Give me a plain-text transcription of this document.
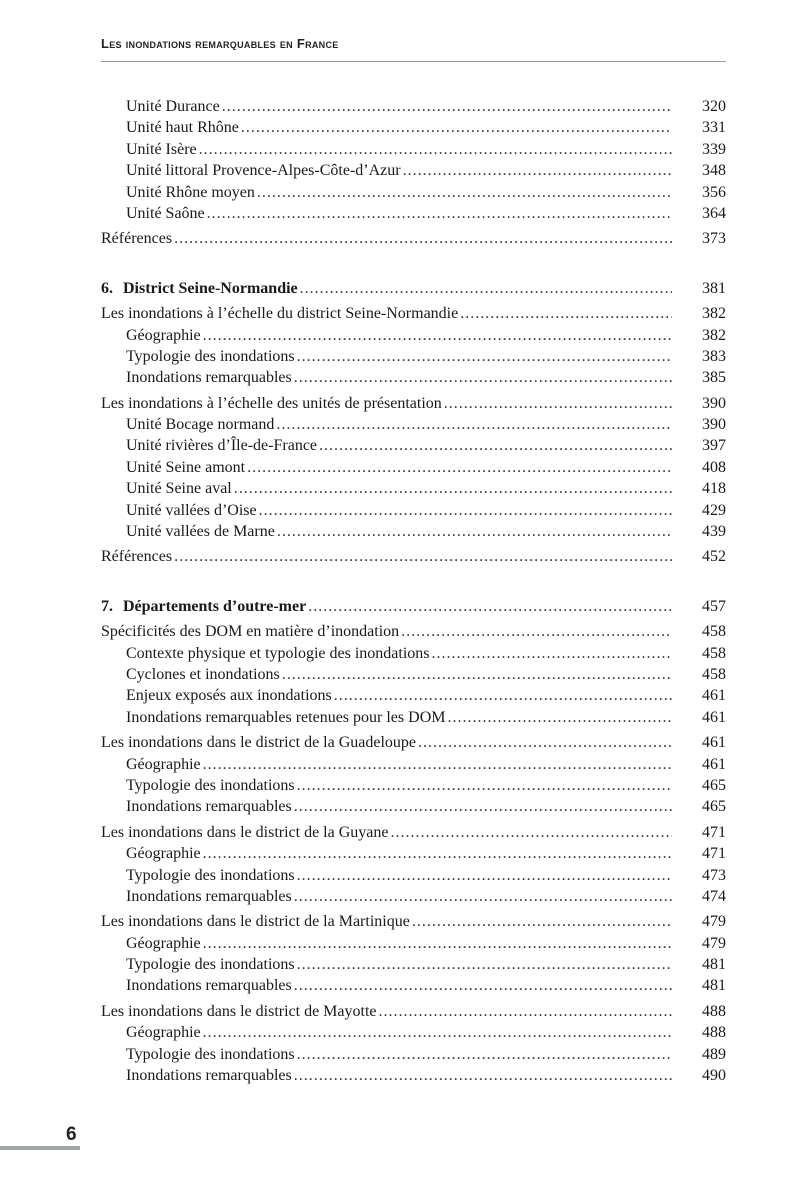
Les inondations remarquables en France
Unité Durance .....	320
Unité haut Rhône .....	331
Unité Isère .....	339
Unité littoral Provence-Alpes-Côte-d’Azur .....	348
Unité Rhône moyen .....	356
Unité Saône .....	364
Références .....	373
6. District Seine-Normandie .....	381
Les inondations à l’échelle du district Seine-Normandie .....	382
Géographie .....	382
Typologie des inondations .....	383
Inondations remarquables .....	385
Les inondations à l’échelle des unités de présentation .....	390
Unité Bocage normand .....	390
Unité rivières d’Île-de-France .....	397
Unité Seine amont .....	408
Unité Seine aval .....	418
Unité vallées d’Oise .....	429
Unité vallées de Marne .....	439
Références .....	452
7. Départements d’outre-mer .....	457
Spécificités des DOM en matière d’inondation .....	458
Contexte physique et typologie des inondations .....	458
Cyclones et inondations .....	458
Enjeux exposés aux inondations .....	461
Inondations remarquables retenues pour les DOM .....	461
Les inondations dans le district de la Guadeloupe .....	461
Géographie .....	461
Typologie des inondations .....	465
Inondations remarquables .....	465
Les inondations dans le district de la Guyane .....	471
Géographie .....	471
Typologie des inondations .....	473
Inondations remarquables .....	474
Les inondations dans le district de la Martinique .....	479
Géographie .....	479
Typologie des inondations .....	481
Inondations remarquables .....	481
Les inondations dans le district de Mayotte .....	488
Géographie .....	488
Typologie des inondations .....	489
Inondations remarquables .....	490
6
